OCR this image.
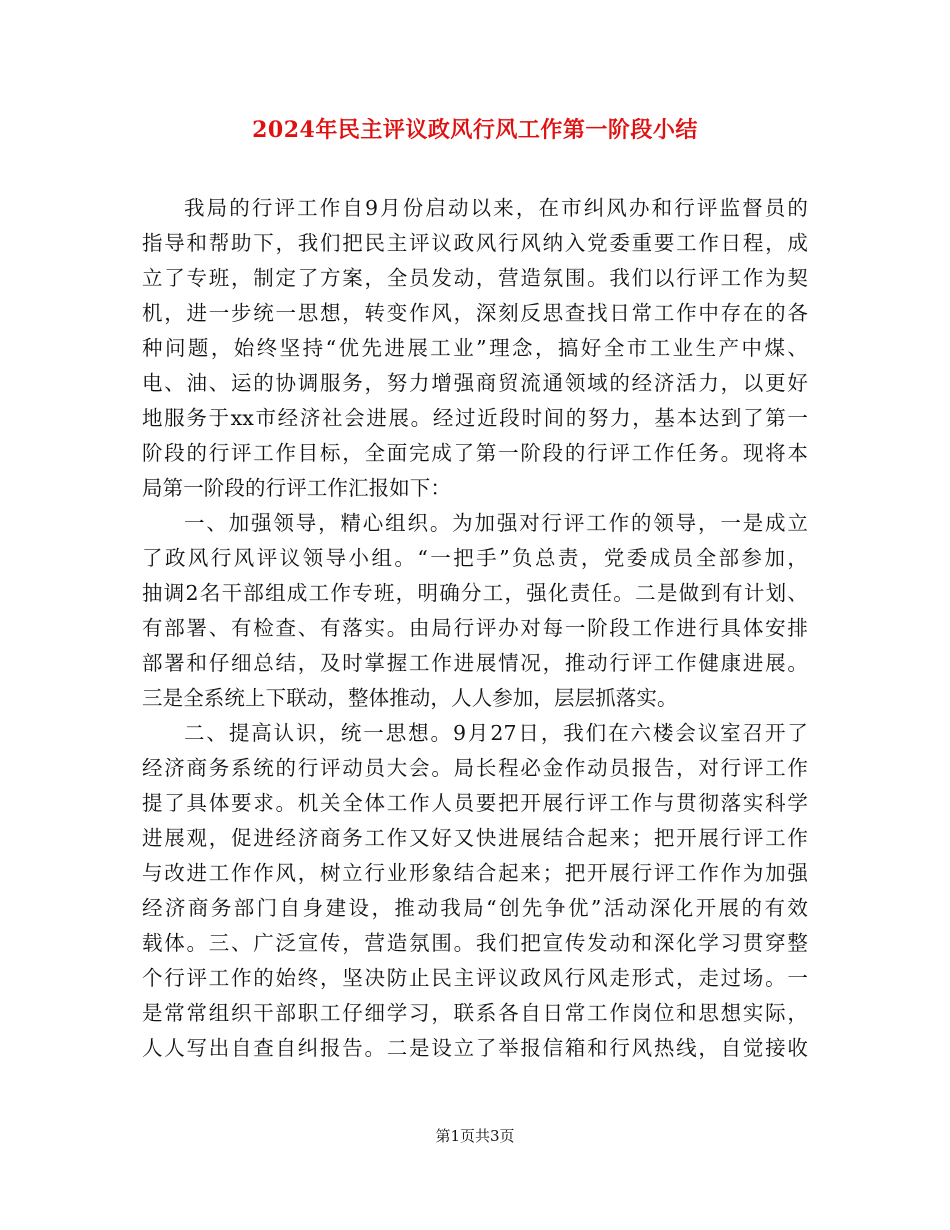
2024年民主评议政风行风工作第一阶段小结
我局的行评工作自9月份启动以来，在市纠风办和行评监督员的
指导和帮助下，我们把民主评议政风行风纳入党委重要工作日程，成
立了专班，制定了方案，全员发动，营造氛围。我们以行评工作为契
机，进一步统一思想，转变作风，深刻反思查找日常工作中存在的各
种问题，始终坚持“优先进展工业”理念，搞好全市工业生产中煤、
电、油、运的协调服务，努力增强商贸流通领域的经济活力，以更好
地服务于xx市经济社会进展。经过近段时间的努力，基本达到了第一
阶段的行评工作目标，全面完成了第一阶段的行评工作任务。现将本
局第一阶段的行评工作汇报如下：
一、加强领导，精心组织。为加强对行评工作的领导，一是成立
了政风行风评议领导小组。“一把手”负总责，党委成员全部参加，
抽调2名干部组成工作专班，明确分工，强化责任。二是做到有计划、
有部署、有检查、有落实。由局行评办对每一阶段工作进行具体安排
部署和仔细总结，及时掌握工作进展情况，推动行评工作健康进展。
三是全系统上下联动，整体推动，人人参加，层层抓落实。
二、提高认识，统一思想。9月27日，我们在六楼会议室召开了
经济商务系统的行评动员大会。局长程必金作动员报告，对行评工作
提了具体要求。机关全体工作人员要把开展行评工作与贯彻落实科学
进展观，促进经济商务工作又好又快进展结合起来；把开展行评工作
与改进工作作风，树立行业形象结合起来；把开展行评工作作为加强
经济商务部门自身建设，推动我局“创先争优”活动深化开展的有效
载体。三、广泛宣传，营造氛围。我们把宣传发动和深化学习贯穿整
个行评工作的始终，坚决防止民主评议政风行风走形式，走过场。一
是常常组织干部职工仔细学习，联系各自日常工作岗位和思想实际，
人人写出自查自纠报告。二是设立了举报信箱和行风热线，自觉接收
第1页共3页
